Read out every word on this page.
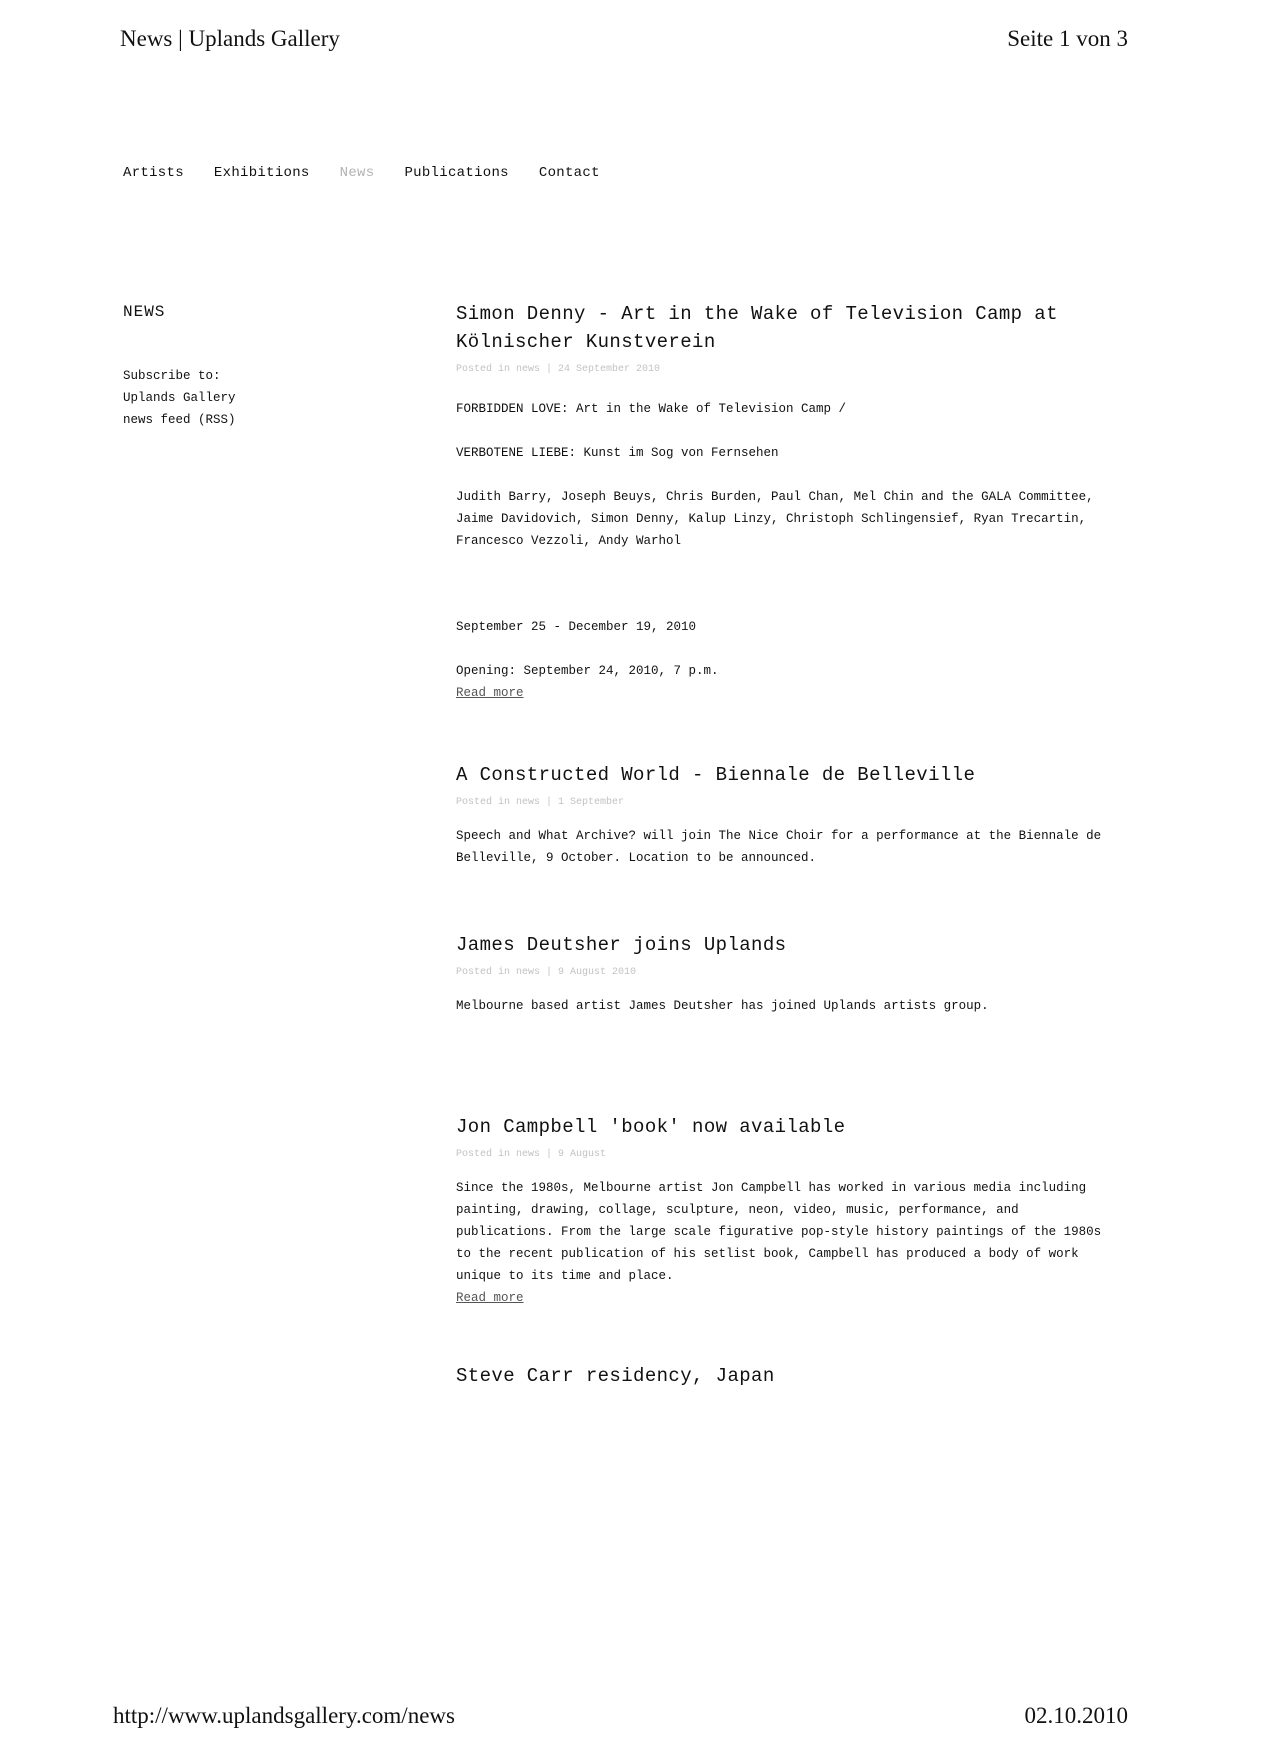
News | Uplands Gallery	Seite 1 von 3
Artists Exhibitions News Publications Contact
NEWS
Subscribe to:
Uplands Gallery
news feed (RSS)
Simon Denny - Art in the Wake of Television Camp at Kölnischer Kunstverein
Posted in news | 24 September 2010

FORBIDDEN LOVE: Art in the Wake of Television Camp /

VERBOTENE LIEBE: Kunst im Sog von Fernsehen

Judith Barry, Joseph Beuys, Chris Burden, Paul Chan, Mel Chin and the GALA Committee, Jaime Davidovich, Simon Denny, Kalup Linzy, Christoph Schlingensief, Ryan Trecartin, Francesco Vezzoli, Andy Warhol

September 25 - December 19, 2010

Opening: September 24, 2010, 7 p.m.

Read more
A Constructed World - Biennale de Belleville
Posted in news | 1 September

Speech and What Archive? will join The Nice Choir for a performance at the Biennale de Belleville, 9 October. Location to be announced.

James Deutsher joins Uplands
Posted in news | 9 August 2010

Melbourne based artist James Deutsher has joined Uplands artists group.

Jon Campbell 'book' now available
Posted in news | 9 August

Since the 1980s, Melbourne artist Jon Campbell has worked in various media including painting, drawing, collage, sculpture, neon, video, music, performance, and publications. From the large scale figurative pop-style history paintings of the 1980s to the recent publication of his setlist book, Campbell has produced a body of work unique to its time and place.

Read more
Steve Carr residency, Japan
http://www.uplandsgallery.com/news	02.10.2010
